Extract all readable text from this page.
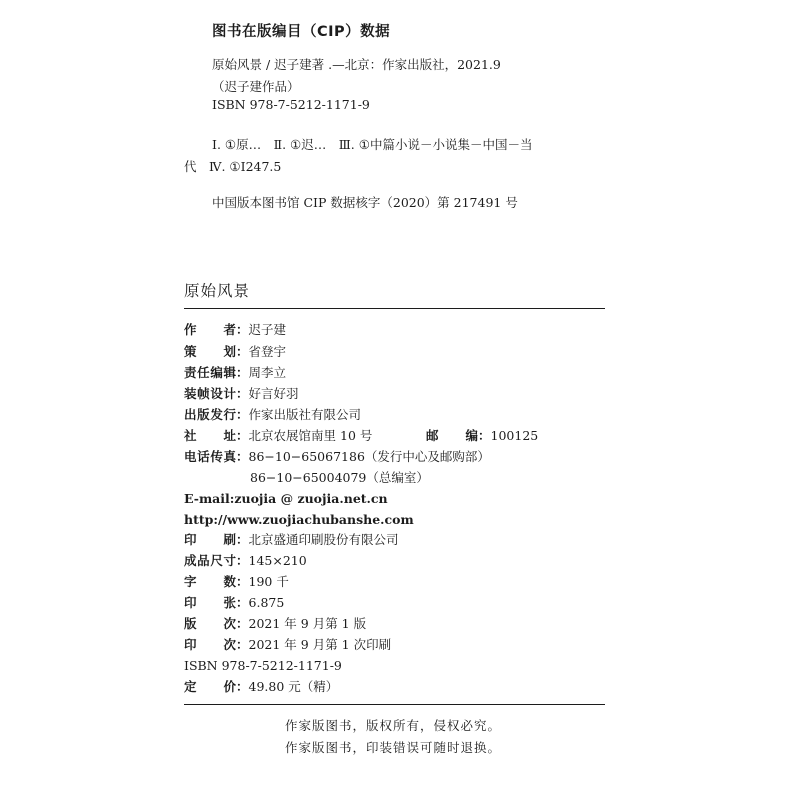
图书在版编目（CIP）数据
原始风景 / 迟子建著 .—北京：作家出版社，2021.9
（迟子建作品）
ISBN 978-7-5212-1171-9
Ⅰ. ①原…　Ⅱ. ①迟…　Ⅲ. ①中篇小说－小说集－中国－当
代　Ⅳ. ①I247.5
中国版本图书馆 CIP 数据核字（2020）第 217491 号
原始风景
作者：迟子建
策划：省登宇
责任编辑：周李立
装帧设计：好言好羽
出版发行：作家出版社有限公司
社址：北京农展馆南里 10 号	邮编：100125
电话传真：86−10−65067186（发行中心及邮购部）
86−10−65004079（总编室）
E-mail:zuojia @ zuojia.net.cn
http://www.zuojiachubanshe.com
印刷：北京盛通印刷股份有限公司
成品尺寸：145×210
字数：190 千
印张：6.875
版次：2021 年 9 月第 1 版
印次：2021 年 9 月第 1 次印刷
ISBN 978-7-5212-1171-9
定价：49.80 元（精）
作家版图书，版权所有，侵权必究。
作家版图书，印装错误可随时退换。
